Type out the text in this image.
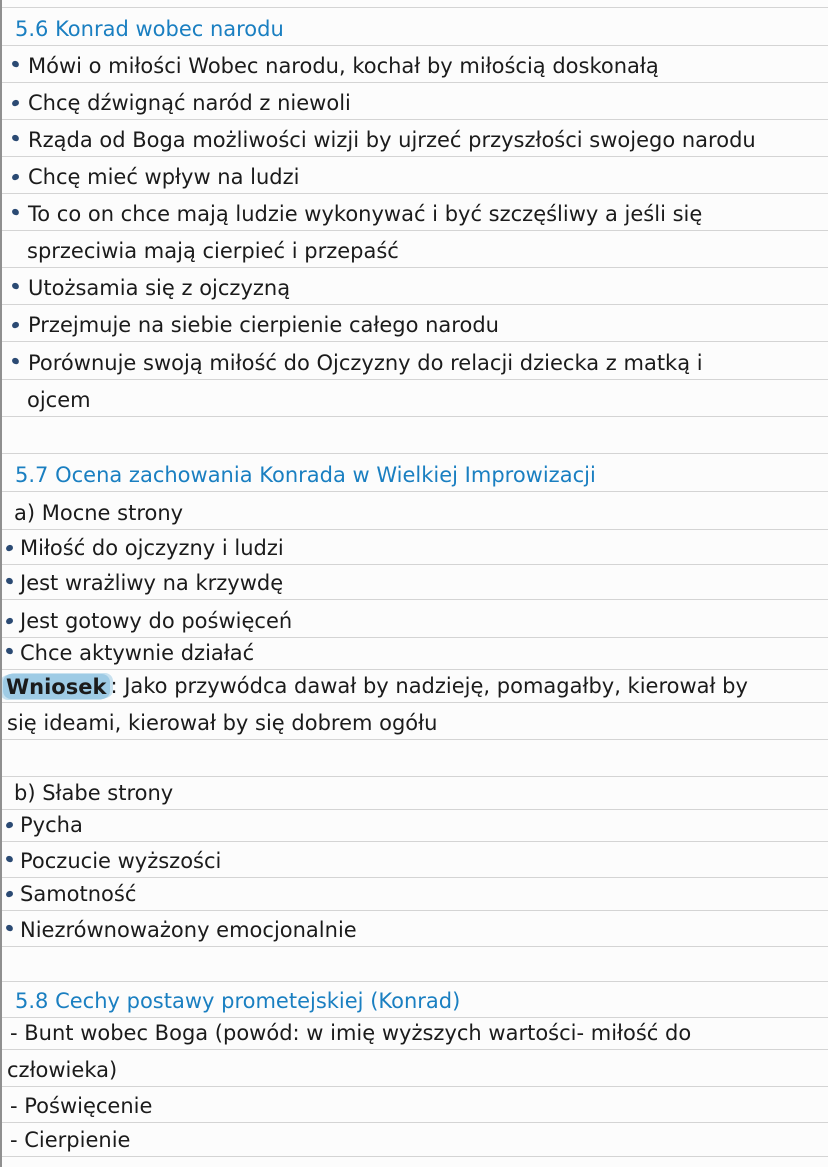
5.6 Konrad wobec narodu
Mówi o miłości Wobec narodu, kochał by miłością doskonałą
Chcę dźwignąć naród z niewoli
Rząda od Boga możliwości wizji by ujrzeć przyszłości swojego narodu
Chcę mieć wpływ na ludzi
To co on chce mają ludzie wykonywać i być szczęśliwy a jeśli się
sprzeciwia mają cierpieć i przepaść
Utożsamia się z ojczyzną
Przejmuje na siebie cierpienie całego narodu
Porównuje swoją miłość do Ojczyzny do relacji dziecka z matką i
ojcem
5.7 Ocena zachowania Konrada w Wielkiej Improwizacji
a) Mocne strony
Miłość do ojczyzny i ludzi
Jest wrażliwy na krzywdę
Jest gotowy do poświęceń
Chce aktywnie działać
Wniosek : Jako przywódca dawał by nadzieję, pomagałby, kierował by
się ideami, kierował by się dobrem ogółu
b) Słabe strony
Pycha
Poczucie wyższości
Samotność
Niezrównoważony emocjonalnie
5.8 Cechy postawy prometejskiej (Konrad)
- Bunt wobec Boga (powód: w imię wyższych wartości- miłość do
człowieka)
- Poświęcenie
- Cierpienie
